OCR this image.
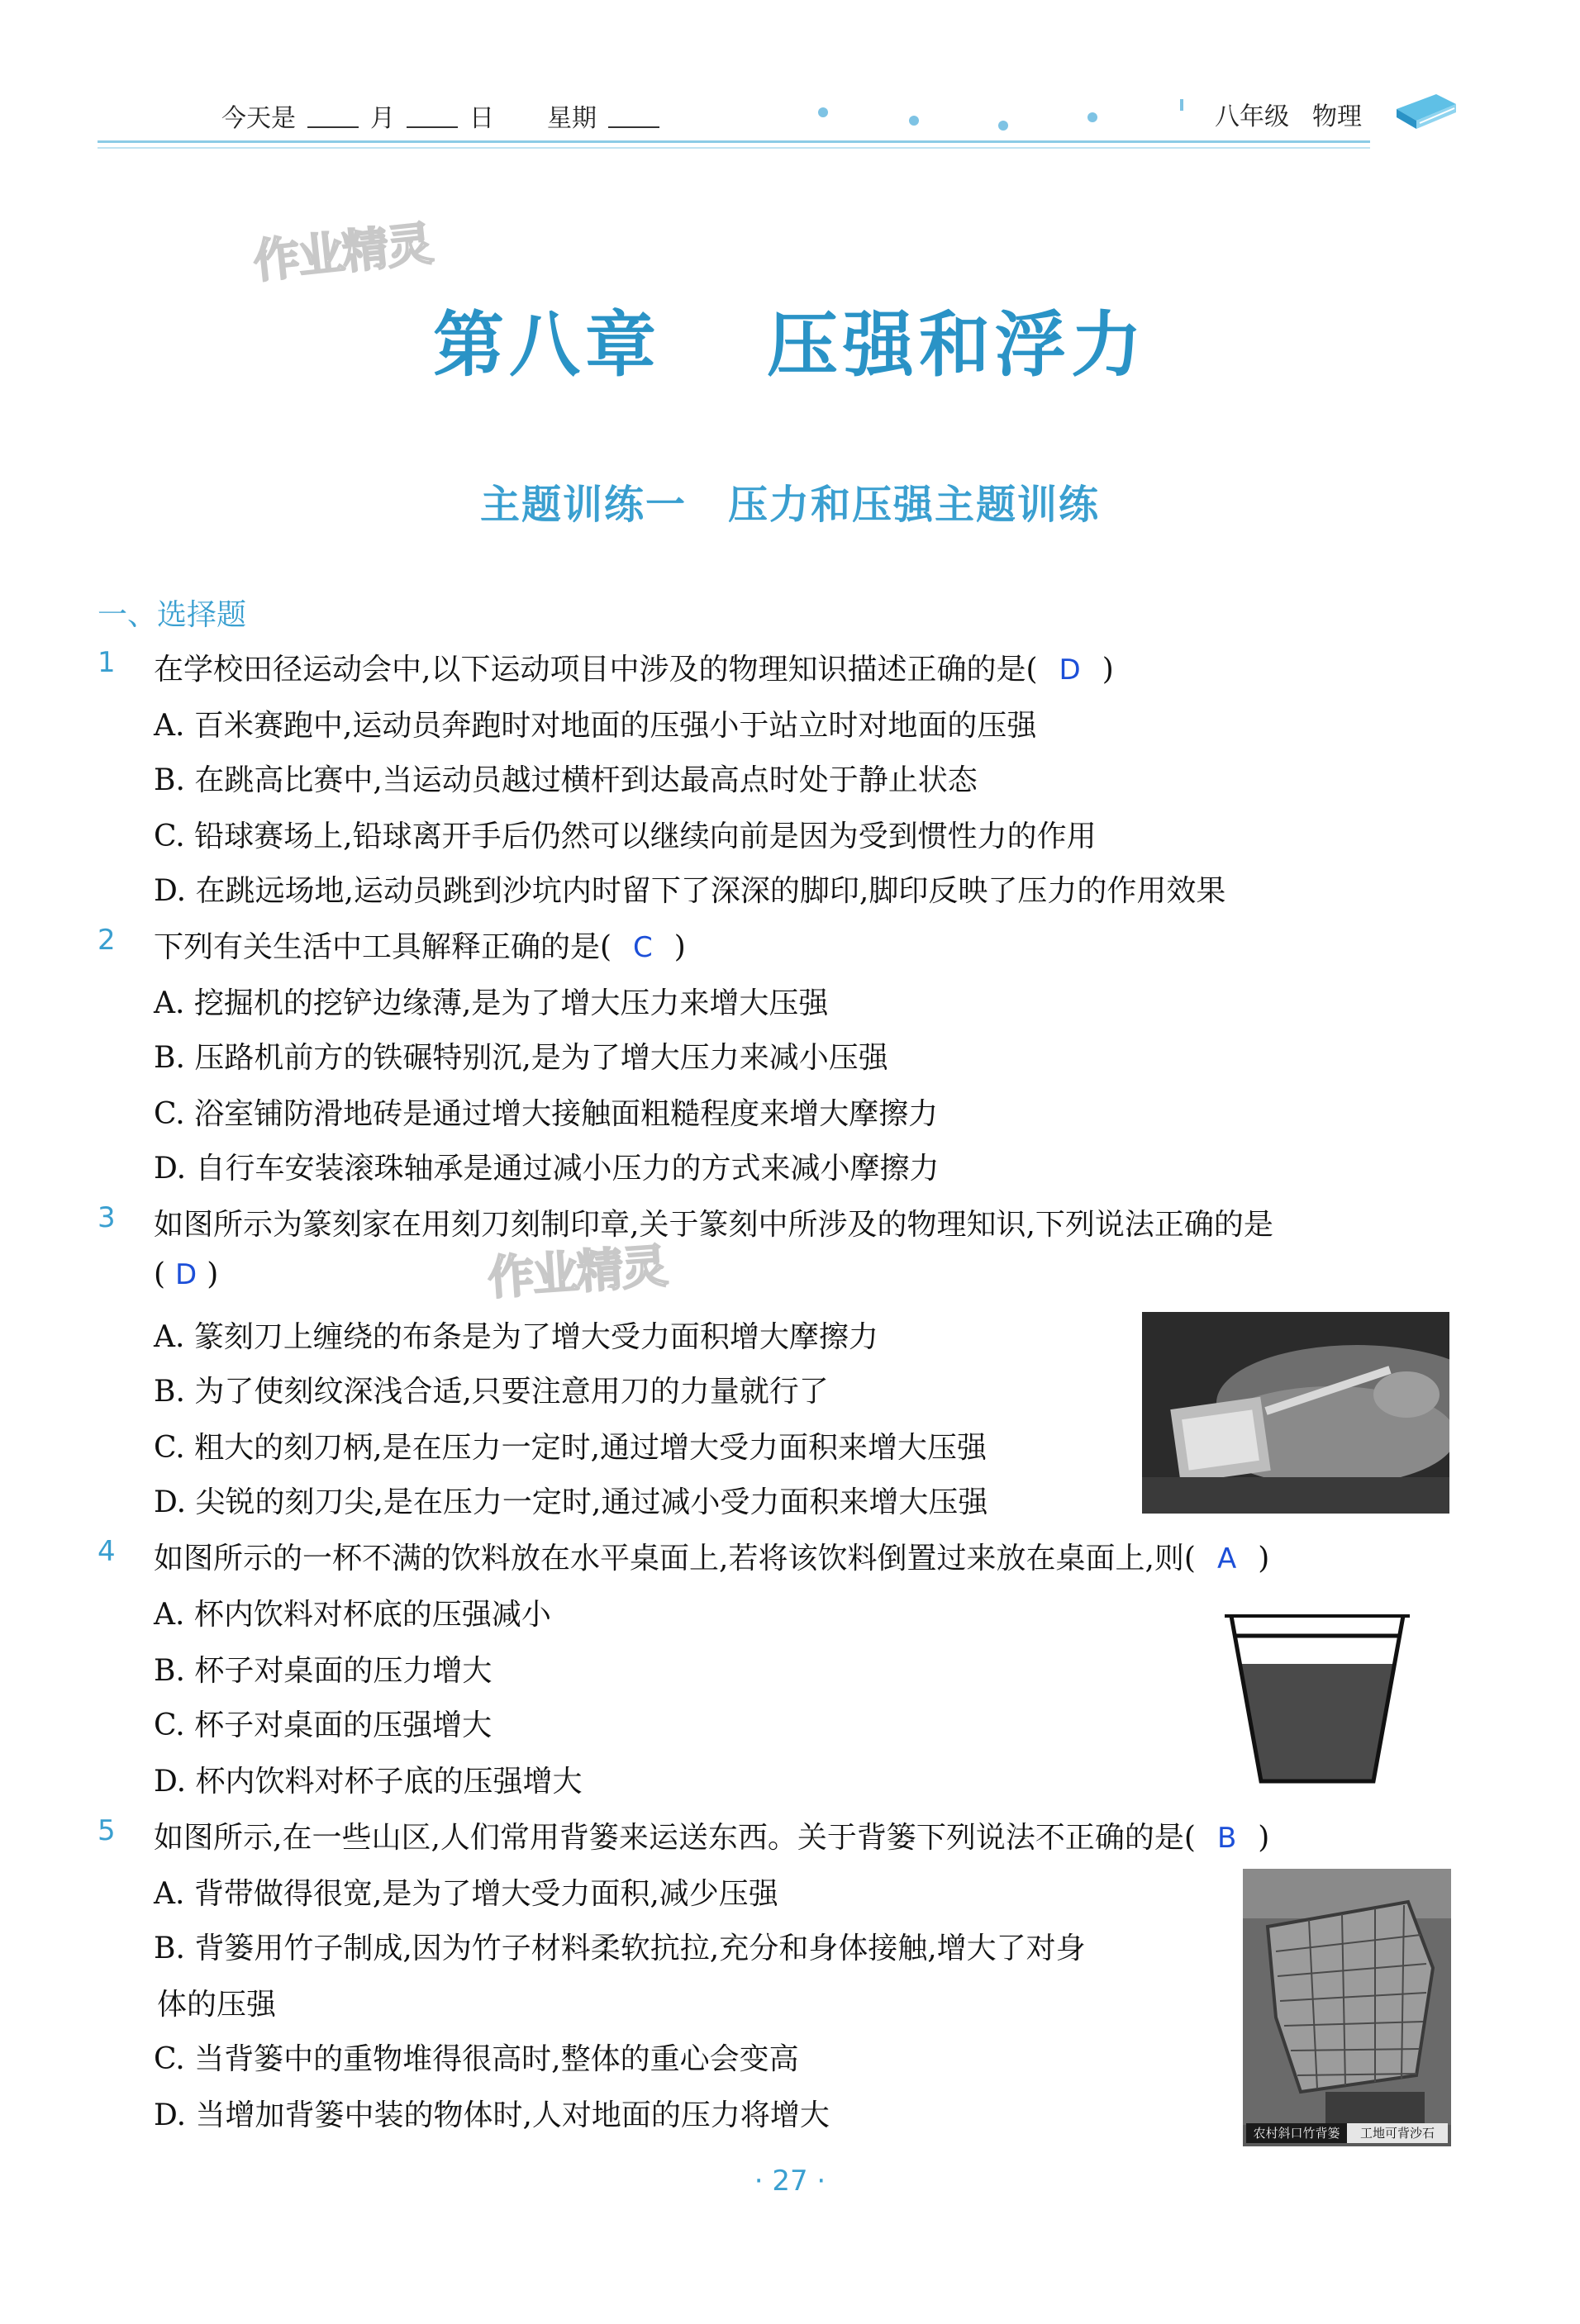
今天是	月	日 星期	八年级 物理
作业精灵
作业精灵
第八章　 压强和浮力
主题训练一　压力和压强主题训练
一、选择题
1	在学校田径运动会中,以下运动项目中涉及的物理知识描述正确的是( D )
A. 百米赛跑中,运动员奔跑时对地面的压强小于站立时对地面的压强
B. 在跳高比赛中,当运动员越过横杆到达最高点时处于静止状态
C. 铅球赛场上,铅球离开手后仍然可以继续向前是因为受到惯性力的作用
D. 在跳远场地,运动员跳到沙坑内时留下了深深的脚印,脚印反映了压力的作用效果
2	下列有关生活中工具解释正确的是( C )
A. 挖掘机的挖铲边缘薄,是为了增大压力来增大压强
B. 压路机前方的铁碾特别沉,是为了增大压力来减小压强
C. 浴室铺防滑地砖是通过增大接触面粗糙程度来增大摩擦力
D. 自行车安装滚珠轴承是通过减小压力的方式来减小摩擦力
3	如图所示为篆刻家在用刻刀刻制印章,关于篆刻中所涉及的物理知识,下列说法正确的是
( D )
A. 篆刻刀上缠绕的布条是为了增大受力面积增大摩擦力
B. 为了使刻纹深浅合适,只要注意用刀的力量就行了
C. 粗大的刻刀柄,是在压力一定时,通过增大受力面积来增大压强
D. 尖锐的刻刀尖,是在压力一定时,通过减小受力面积来增大压强
4	如图所示的一杯不满的饮料放在水平桌面上,若将该饮料倒置过来放在桌面上,则( A )
A. 杯内饮料对杯底的压强减小
B. 杯子对桌面的压力增大
C. 杯子对桌面的压强增大
D. 杯内饮料对杯子底的压强增大
5	如图所示,在一些山区,人们常用背篓来运送东西。关于背篓下列说法不正确的是( B )
A. 背带做得很宽,是为了增大受力面积,减少压强
B. 背篓用竹子制成,因为竹子材料柔软抗拉,充分和身体接触,增大了对身
体的压强
C. 当背篓中的重物堆得很高时,整体的重心会变高
D. 当增加背篓中装的物体时,人对地面的压力将增大
农村斜口竹背篓	工地可背沙石
· 27 ·
